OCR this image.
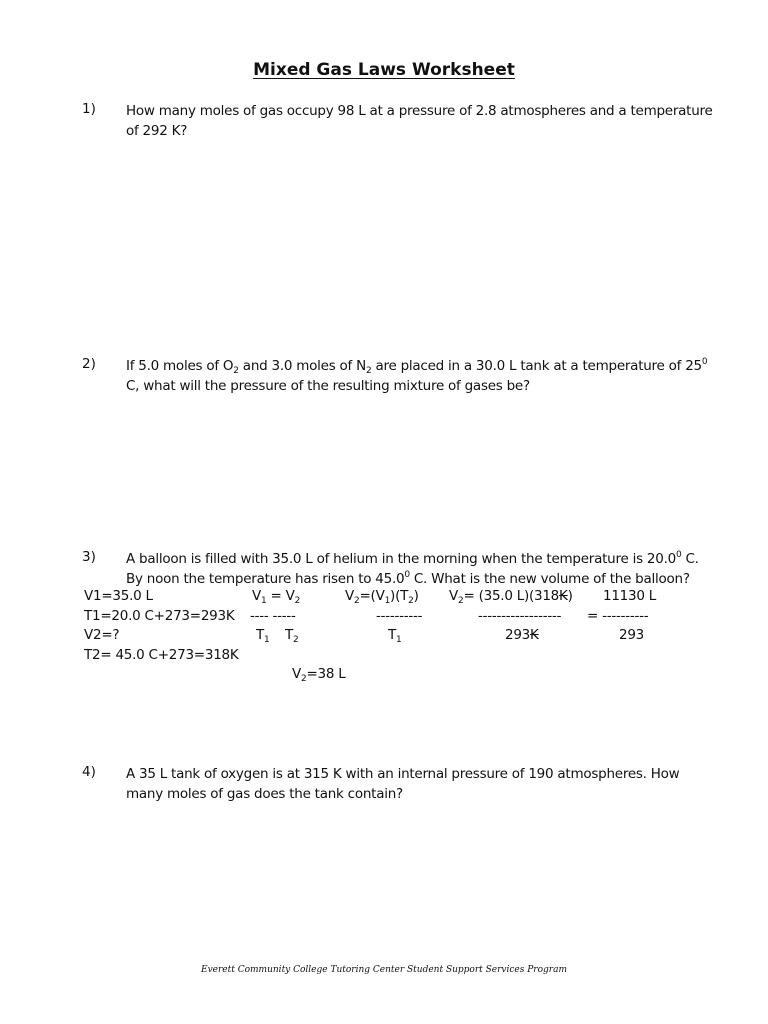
Mixed Gas Laws Worksheet
1) How many moles of gas occupy 98 L at a pressure of 2.8 atmospheres and a temperature
of 292 K?
2) If 5.0 moles of $O_2$ and 3.0 moles of $N_2$ are placed in a 30.0 L tank at a temperature of $25^0$
C, what will the pressure of the resulting mixture of gases be?
3) A balloon is filled with 35.0 L of helium in the morning when the temperature is 20.0$^0$ C.
By noon the temperature has risen to 45.0$^0$ C. What is the new volume of the balloon?
V1=35.0 L
T1=20.0 C+273=293K
V2=?
T2= 45.0 C+273=318K
$V_1 = V_2$
---- -----
$T_1$ $T_2$
$V_2=(V_1)(T_2)$
----------
$T_1$
$V_2= (35.0$ L)(318K)
------------------
293K
11130 L
= ----------
293
$V_2=38$ L
4) A 35 L tank of oxygen is at 315 K with an internal pressure of 190 atmospheres. How
many moles of gas does the tank contain?
Everett Community College Tutoring Center Student Support Services Program
